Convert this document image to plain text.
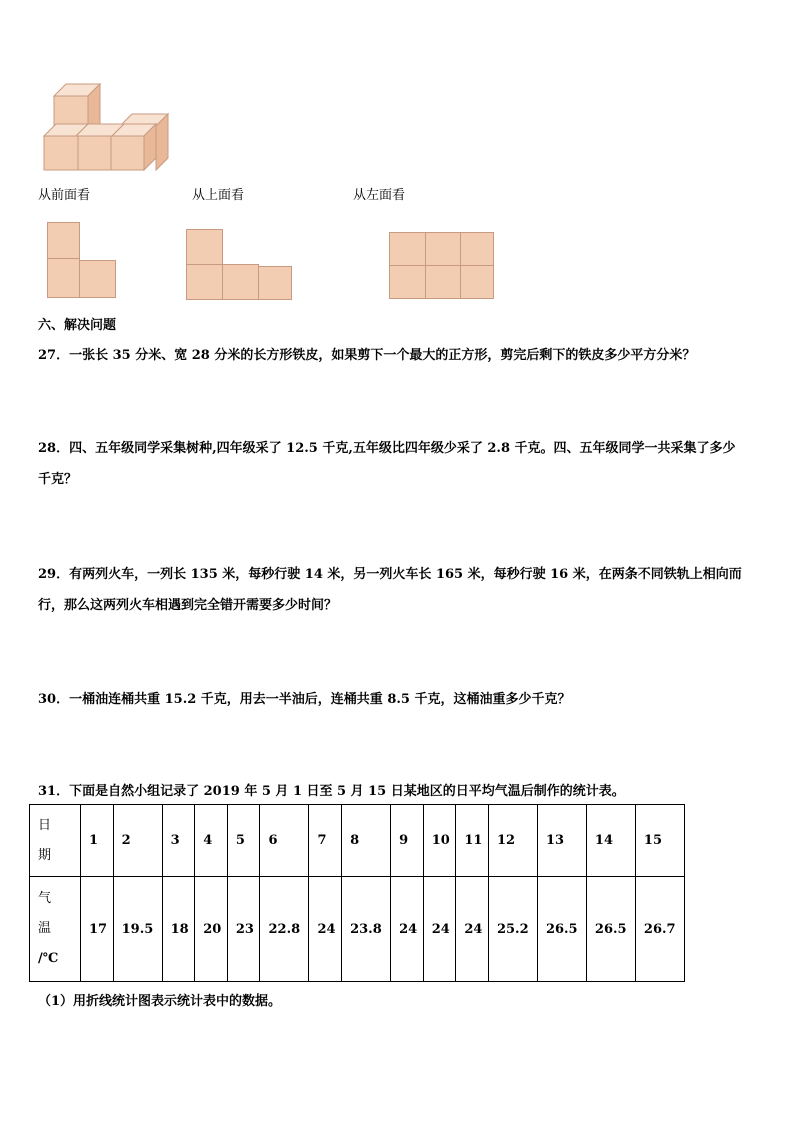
从前面看	从上面看	从左面看
六、解决问题
27．一张长 35 分米、宽 28 分米的长方形铁皮，如果剪下一个最大的正方形，剪完后剩下的铁皮多少平方分米？
28．四、五年级同学采集树种,四年级采了 12.5 千克,五年级比四年级少采了 2.8 千克。四、五年级同学一共采集了多少
千克？
29．有两列火车，一列长 135 米，每秒行驶 14 米，另一列火车长 165 米，每秒行驶 16 米，在两条不同铁轨上相向而
行，那么这两列火车相遇到完全错开需要多少时间？
30．一桶油连桶共重 15.2 千克，用去一半油后，连桶共重 8.5 千克，这桶油重多少千克？
31．下面是自然小组记录了 2019 年 5 月 1 日至 5 月 15 日某地区的日平均气温后制作的统计表。
日
期	1	2	3	4	5	6	7	8	9	10	11	12	13	14	15

气
温
/℃	17	19.5	18	20	23	22.8	24	23.8	24	24	24	25.2	26.5	26.5	26.7
（1）用折线统计图表示统计表中的数据。
